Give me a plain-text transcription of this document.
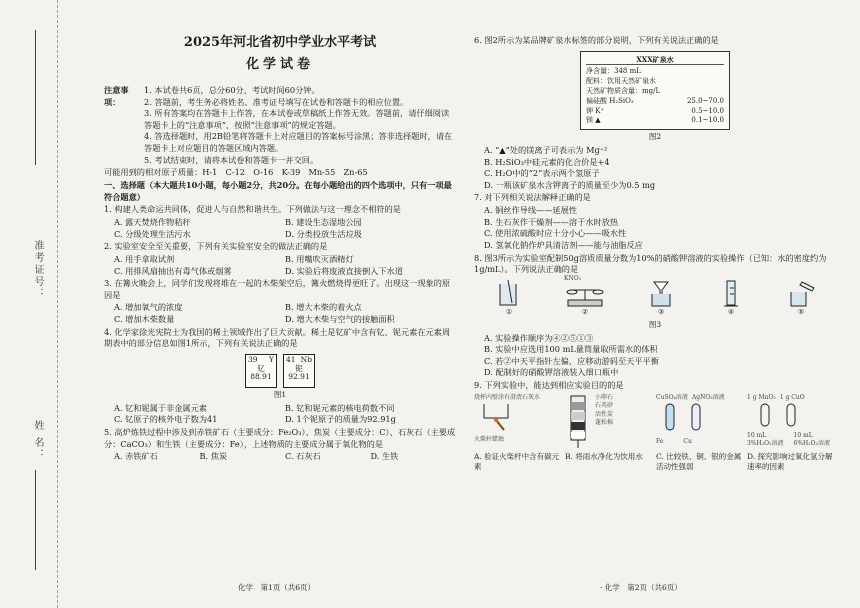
准考证号：
姓 名：
2025年河北省初中学业水平考试
化学试卷
注意事项：
1. 本试卷共6页，总分60分，考试时间60分钟。
2. 答题前，考生务必将姓名、准考证号填写在试卷和答题卡的相应位置。
3. 所有答案均在答题卡上作答，在本试卷或草稿纸上作答无效。答题前，请仔细阅读答题卡上的“注意事项”，按照“注意事项”的规定答题。
4. 答选择题时，用2B铅笔将答题卡上对应题目的答案标号涂黑；答非选择题时，请在答题卡上对应题目的答题区域内答题。
5. 考试结束时，请将本试卷和答题卡一并交回。
可能用到的相对原子质量：H-1　C-12　O-16　K-39　Mn-55　Zn-65
一、选择题（本大题共10小题，每小题2分，共20分。在每小题给出的四个选项中，只有一项最符合题意）
1. 构建人类命运共同体，促进人与自然和谐共生。下列做法与这一理念不相符的是
A. 露天焚烧作物秸秆	B. 建设生态湿地公园
C. 分级处理生活污水	D. 分类投放生活垃圾
2. 实验室安全至关重要，下列有关实验室安全的做法正确的是
A. 用手拿取试剂	B. 用嘴吹灭酒精灯
C. 用排风扇抽出有毒气体或烟雾	D. 实验后将废液直接倒入下水道
3. 在篝火晚会上，同学们发现将堆在一起的木柴架空后，篝火燃烧得更旺了。出现这一现象的原因是
A. 增加氧气的浓度	B. 增大木柴的着火点
C. 增加木柴数量	D. 增大木柴与空气的接触面积
4. 化学家徐光宪院士为我国的稀土领域作出了巨大贡献。稀土是钇矿中含有钇、铌元素在元素周期表中的部分信息如图1所示，下列有关说法正确的是
39 Y
钇
88.91
41 Nb
铌
92.91
图1
A. 钇和铌属于非金属元素	B. 钇和铌元素的核电荷数不同
C. 钇原子的核外电子数为41	D. 1个铌原子的质量为92.91g
5. 高炉炼铁过程中涉及到赤铁矿石（主要成分：Fe₂O₃）、焦炭（主要成分：C）、石灰石（主要成分：CaCO₃）和生铁（主要成分：Fe），上述物质的主要成分属于氧化物的是
A. 赤铁矿石	B. 焦炭	C. 石灰石	D. 生铁
6. 图2所示为某品牌矿泉水标签的部分说明，下列有关说法正确的是
XXX矿泉水
净含量：348 mL
配料：饮用天然矿泉水
天然矿物质含量：mg/L
偏硅酸 H₂SiO₃	25.0~70.0
钾 K⁺	0.5~10.0
镁 ▲	0.1~10.0
图2
A. “▲”处的镁离子可表示为 Mg⁺²
B. H₂SiO₃中硅元素的化合价是+4
C. H₂O中的“2”表示两个氢原子
D. 一瓶该矿泉水含钾离子的质量至少为0.5 mg
7. 对下列相关说法解释正确的是
A. 铜丝作导线——延展性
B. 生石灰作干燥剂——溶于水时放热
C. 使用浓硫酸时应十分小心——吸水性
D. 氢氧化钠作炉具清洁剂——能与油脂反应
8. 图3所示为实验室配制50g溶质质量分数为10%的硝酸钾溶液的实验操作（已知：水的密度约为1g/mL）。下列说法正确的是
①
KNO₃
②	③	④	⑤
图3
A. 实验操作顺序为④②⑤①③
B. 实验中应选用100 mL量筒量取所需水的体积
C. 若②中天平指针左偏，应移动游码至天平平衡
D. 配制好的硝酸钾溶液装入细口瓶中
9. 下列实验中，能达到相应实验目的的是
烧杯内壁涂有澄清石灰水
火柴杆蜡烛
A. 验证火柴杆中含有碳元素
小卵石
石英砂
活性炭
蓬松棉
B. 将雨水净化为饮用水
CuSO₄溶液 AgNO₃溶液
Fe	Cu
C. 比较铁、铜、银的金属活动性强弱
1 g MnO₂ 1 g CuO
10 mL 3%H₂O₂溶液
10 mL 6%H₂O₂溶液
D. 探究影响过氧化氢分解速率的因素
化学　第1页（共6页）	· 化学　第2页（共6页）
